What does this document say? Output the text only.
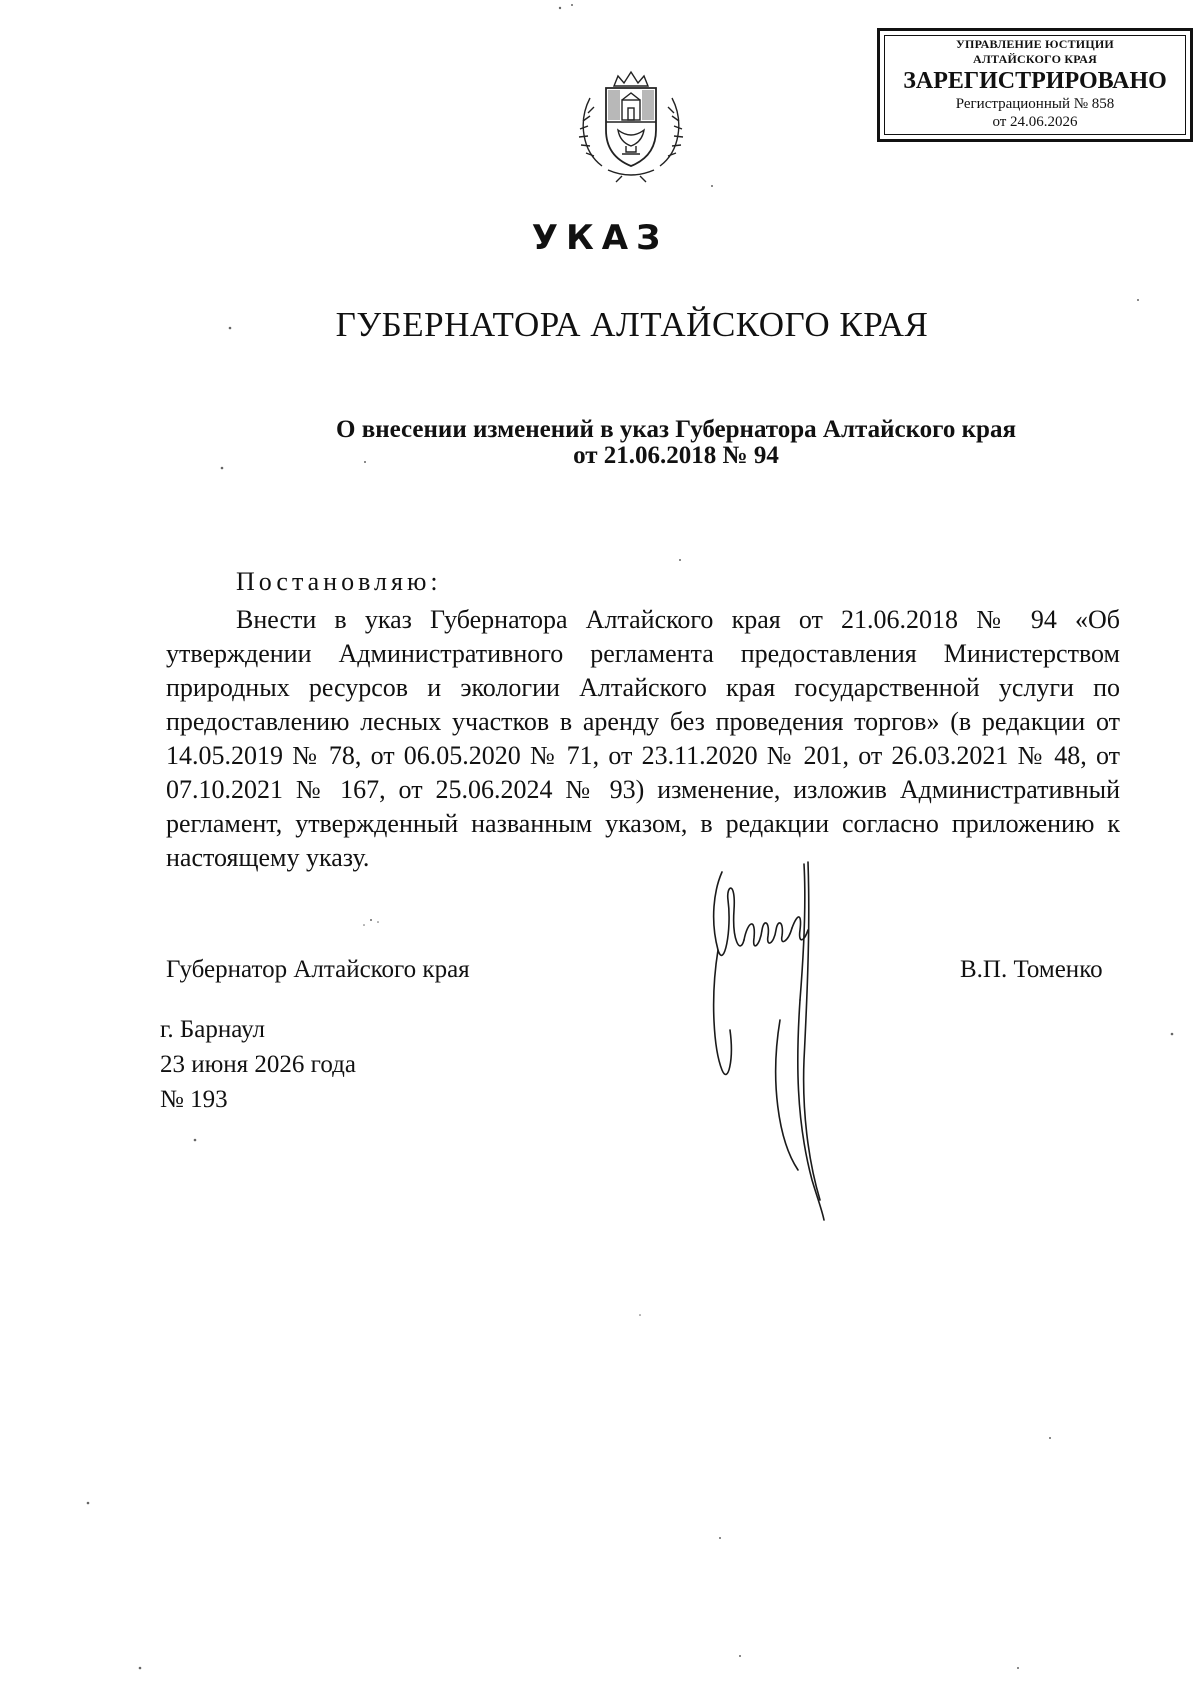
УПРАВЛЕНИЕ ЮСТИЦИИ
АЛТАЙСКОГО КРАЯ
ЗАРЕГИСТРИРОВАНО
Регистрационный № 858
от 24.06.2026
УКАЗ
ГУБЕРНАТОРА АЛТАЙСКОГО КРАЯ
О внесении изменений в указ Губернатора Алтайского края
от 21.06.2018 № 94
Постановляю:
Внести в указ Губернатора Алтайского края от 21.06.2018 № 94 «Об утверждении Административного регламента предоставления Министерством природных ресурсов и экологии Алтайского края государственной услуги по предоставлению лесных участков в аренду без проведения торгов» (в редакции от 14.05.2019 № 78, от 06.05.2020 № 71, от 23.11.2020 № 201, от 26.03.2021 № 48, от 07.10.2021 № 167, от 25.06.2024 № 93) изменение, изложив Административный регламент, утвержденный названным указом, в редакции согласно приложению к настоящему указу.
Губернатор Алтайского края	В.П. Томенко
г. Барнаул
23 июня 2026 года
№ 193
